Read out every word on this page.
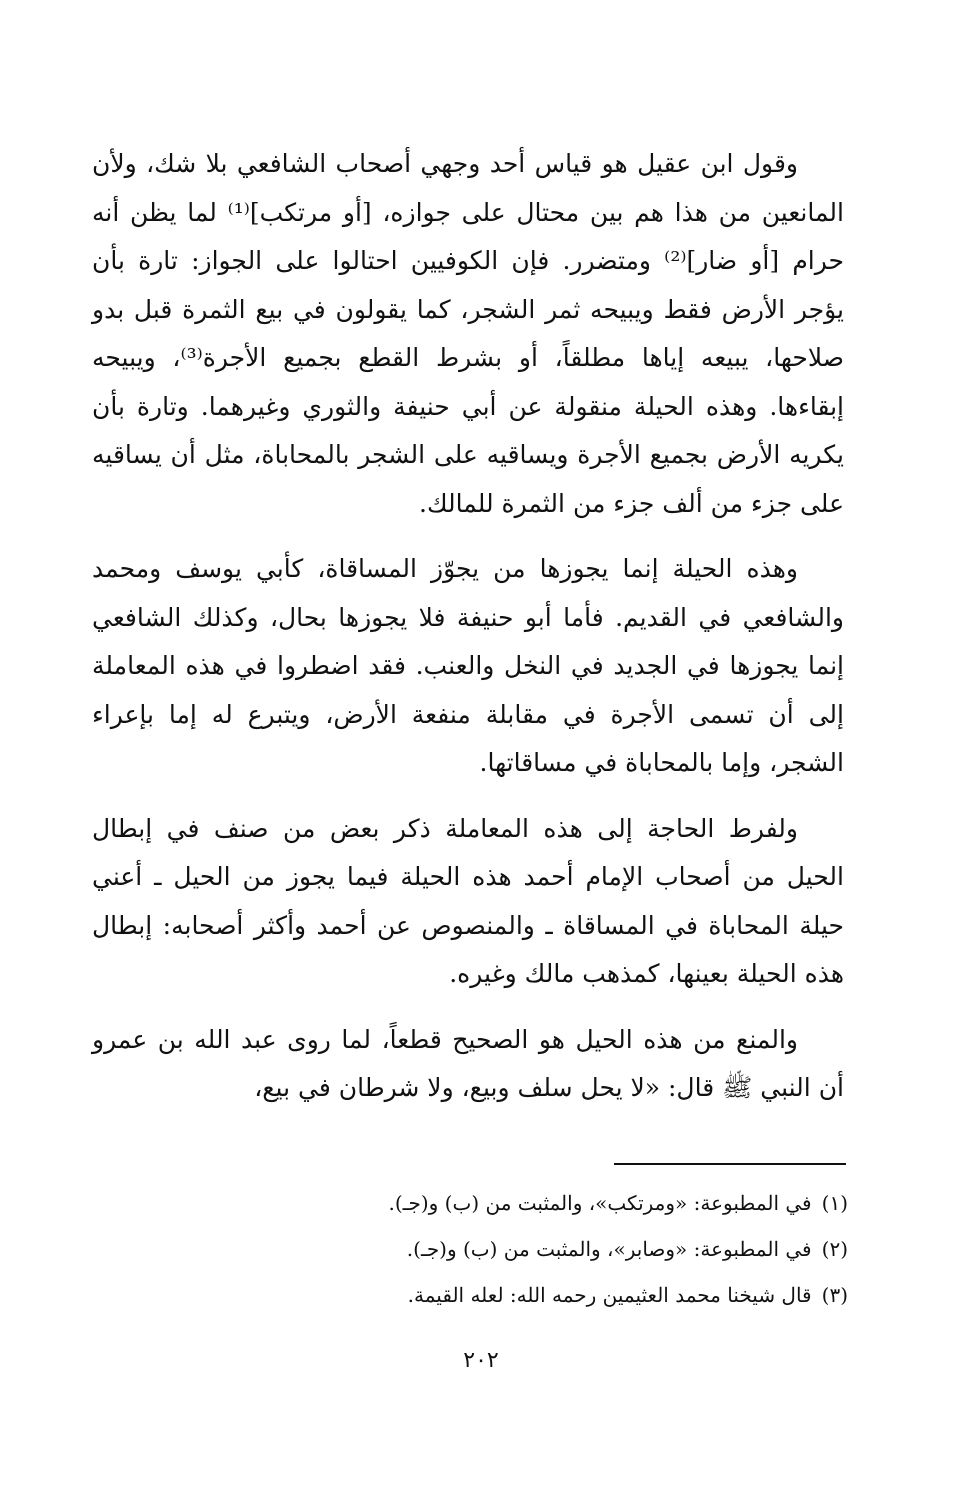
وقول ابن عقيل هو قياس أحد وجهي أصحاب الشافعي بلا شك، ولأن المانعين من هذا هم بين محتال على جوازه، [أو مرتكب]⁽¹⁾ لما يظن أنه حرام [أو ضار]⁽²⁾ ومتضرر. فإن الكوفيين احتالوا على الجواز: تارة بأن يؤجر الأرض فقط ويبيحه ثمر الشجر، كما يقولون في بيع الثمرة قبل بدو صلاحها، يبيعه إياها مطلقاً، أو بشرط القطع بجميع الأجرة⁽³⁾، ويبيحه إبقاءها. وهذه الحيلة منقولة عن أبي حنيفة والثوري وغيرهما. وتارة بأن يكريه الأرض بجميع الأجرة ويساقيه على الشجر بالمحاباة، مثل أن يساقيه على جزء من ألف جزء من الثمرة للمالك.

وهذه الحيلة إنما يجوزها من يجوّز المساقاة، كأبي يوسف ومحمد والشافعي في القديم. فأما أبو حنيفة فلا يجوزها بحال، وكذلك الشافعي إنما يجوزها في الجديد في النخل والعنب. فقد اضطروا في هذه المعاملة إلى أن تسمى الأجرة في مقابلة منفعة الأرض، ويتبرع له إما بإعراء الشجر، وإما بالمحاباة في مساقاتها.

ولفرط الحاجة إلى هذه المعاملة ذكر بعض من صنف في إبطال الحيل من أصحاب الإمام أحمد هذه الحيلة فيما يجوز من الحيل ـ أعني حيلة المحاباة في المساقاة ـ والمنصوص عن أحمد وأكثر أصحابه: إبطال هذه الحيلة بعينها، كمذهب مالك وغيره.

والمنع من هذه الحيل هو الصحيح قطعاً، لما روى عبد الله بن عمرو أن النبي ﷺ قال: «لا يحل سلف وبيع، ولا شرطان في بيع،

(١)في المطبوعة: «ومرتكب»، والمثبت من (ب) و(جـ).

(٢)في المطبوعة: «وصابر»، والمثبت من (ب) و(جـ).

(٣)قال شيخنا محمد العثيمين رحمه الله: لعله القيمة.

٢٠٢
